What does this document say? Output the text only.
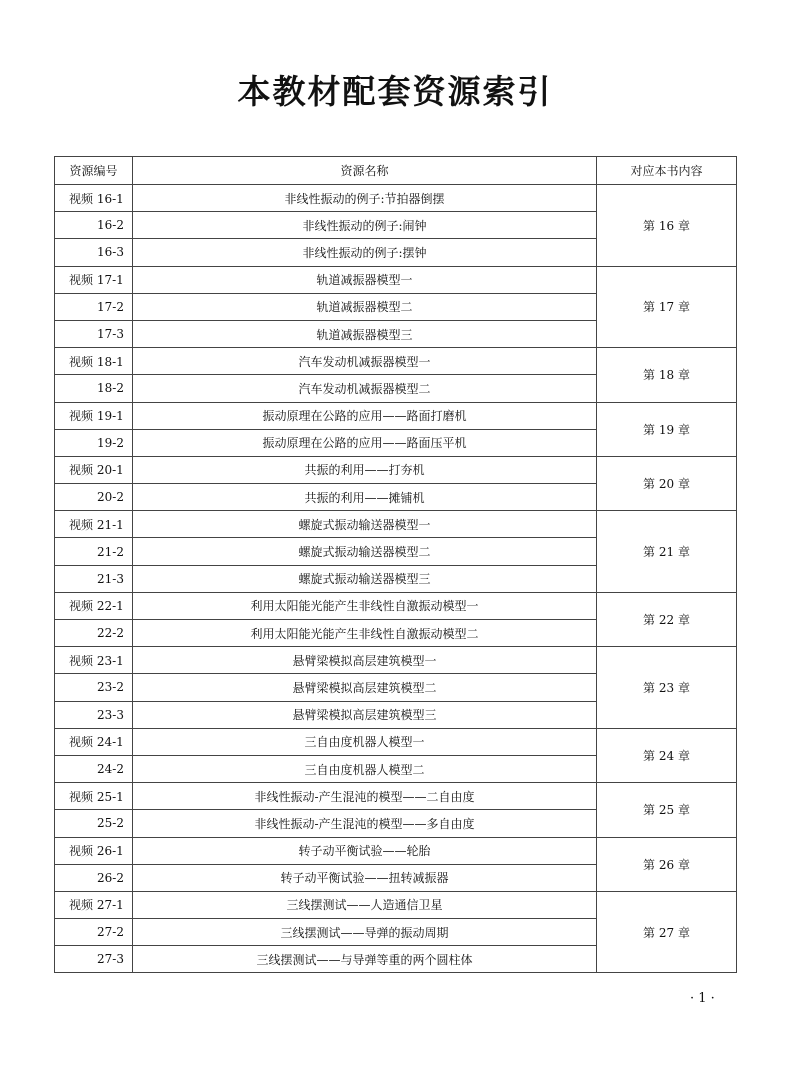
本教材配套资源索引
资源编号	资源名称	对应本书内容
视频 16-1	非线性振动的例子:节拍器倒摆	第 16 章
16-2	非线性振动的例子:闹钟	
16-3	非线性振动的例子:摆钟	
视频 17-1	轨道减振器模型一	第 17 章
17-2	轨道减振器模型二	
17-3	轨道减振器模型三	
视频 18-1	汽车发动机减振器模型一	第 18 章
18-2	汽车发动机减振器模型二	
视频 19-1	振动原理在公路的应用——路面打磨机	第 19 章
19-2	振动原理在公路的应用——路面压平机	
视频 20-1	共振的利用——打夯机	第 20 章
20-2	共振的利用——摊铺机	
视频 21-1	螺旋式振动输送器模型一	第 21 章
21-2	螺旋式振动输送器模型二	
21-3	螺旋式振动输送器模型三	
视频 22-1	利用太阳能光能产生非线性自激振动模型一	第 22 章
22-2	利用太阳能光能产生非线性自激振动模型二	
视频 23-1	悬臂梁模拟高层建筑模型一	第 23 章
23-2	悬臂梁模拟高层建筑模型二	
23-3	悬臂梁模拟高层建筑模型三	
视频 24-1	三自由度机器人模型一	第 24 章
24-2	三自由度机器人模型二	
视频 25-1	非线性振动-产生混沌的模型——二自由度	第 25 章
25-2	非线性振动-产生混沌的模型——多自由度	
视频 26-1	转子动平衡试验——轮胎	第 26 章
26-2	转子动平衡试验——扭转减振器	
视频 27-1	三线摆测试——人造通信卫星	第 27 章
27-2	三线摆测试——导弹的振动周期	
27-3	三线摆测试——与导弹等重的两个圆柱体	
· 1 ·
